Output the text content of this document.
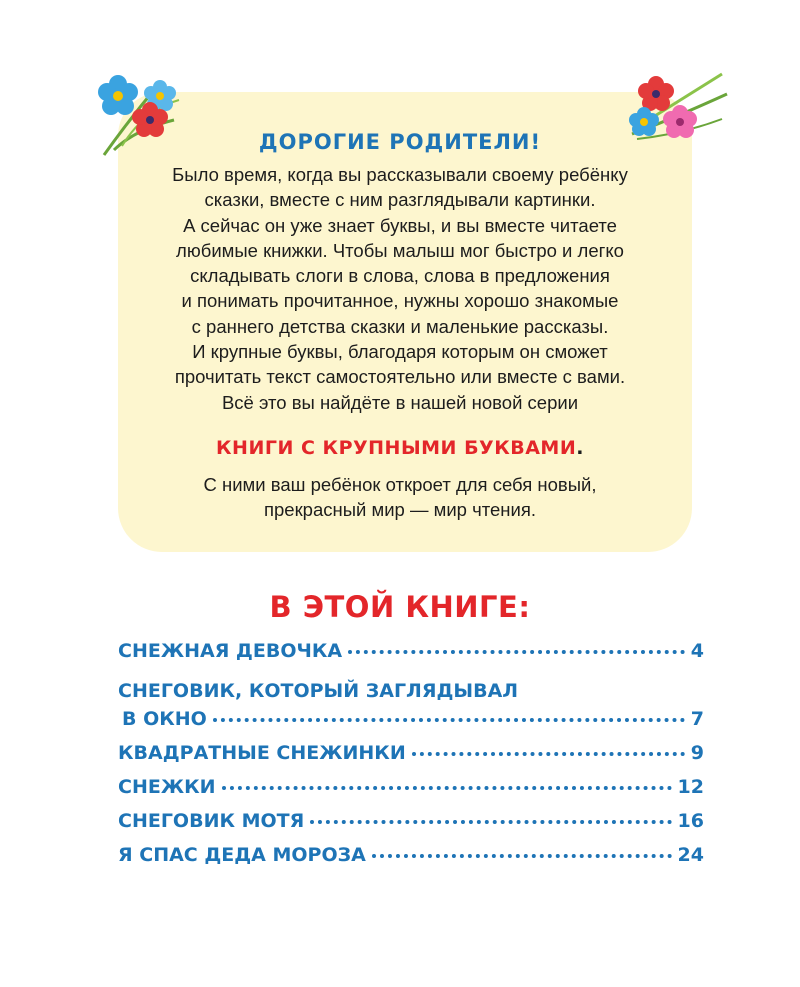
ДОРОГИЕ РОДИТЕЛИ!
Было время, когда вы рассказывали своему ребёнку
сказки, вместе с ним разглядывали картинки.
А сейчас он уже знает буквы, и вы вместе читаете
любимые книжки. Чтобы малыш мог быстро и легко
складывать слоги в слова, слова в предложения
и понимать прочитанное, нужны хорошо знакомые
с раннего детства сказки и маленькие рассказы.
И крупные буквы, благодаря которым он сможет
прочитать текст самостоятельно или вместе с вами.
Всё это вы найдёте в нашей новой серии
КНИГИ С КРУПНЫМИ БУКВАМИ.
С ними ваш ребёнок откроет для себя новый,
прекрасный мир — мир чтения.
В ЭТОЙ КНИГЕ:
СНЕЖНАЯ ДЕВОЧКА	4
СНЕГОВИК, КОТОРЫЙ ЗАГЛЯДЫВАЛ
В ОКНО	7
КВАДРАТНЫЕ СНЕЖИНКИ	9
СНЕЖКИ	12
СНЕГОВИК МОТЯ	16
Я СПАС ДЕДА МОРОЗА	24
